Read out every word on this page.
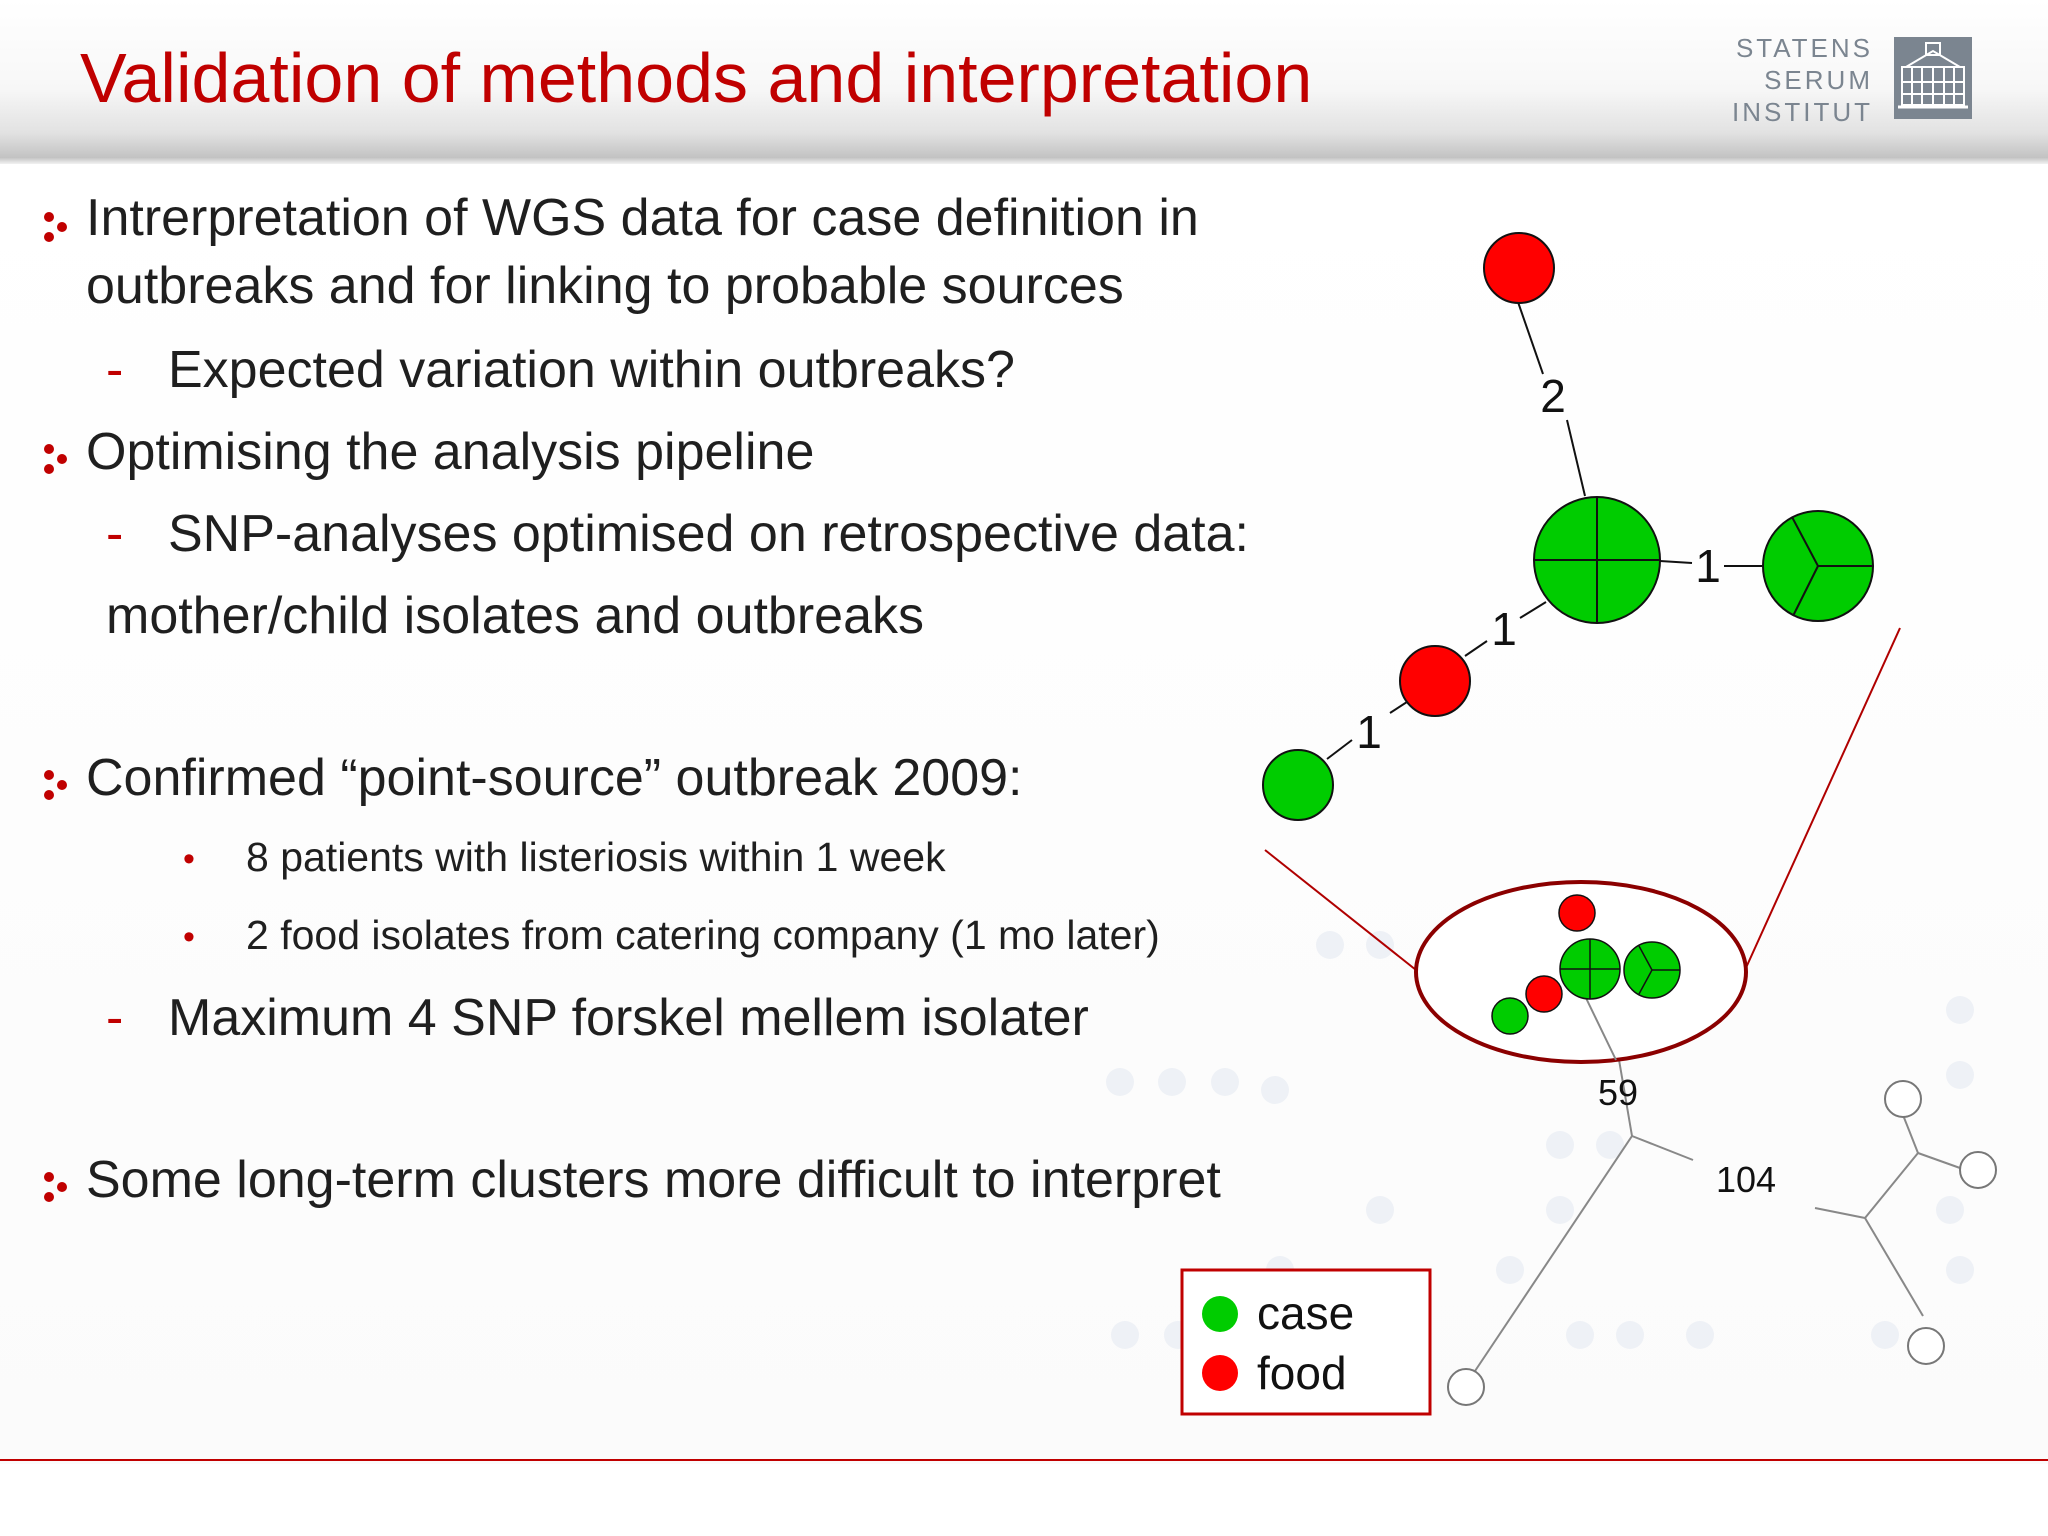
Validation of methods and interpretation	STATENS
SERUM
INSTITUT
Intrerpretation of WGS data for case definition in
outbreaks and for linking to probable sources
- Expected variation within outbreaks?
Optimising the analysis pipeline
- SNP-analyses optimised on retrospective data:
mother/child isolates and outbreaks
Confirmed “point-source” outbreak 2009:
• 8 patients with listeriosis within 1 week
• 2 food isolates from catering company (1 mo later)
- Maximum 4 SNP forskel mellem isolater
Some long-term clusters more difficult to interpret
2
1
1
1
59
104
case
food
